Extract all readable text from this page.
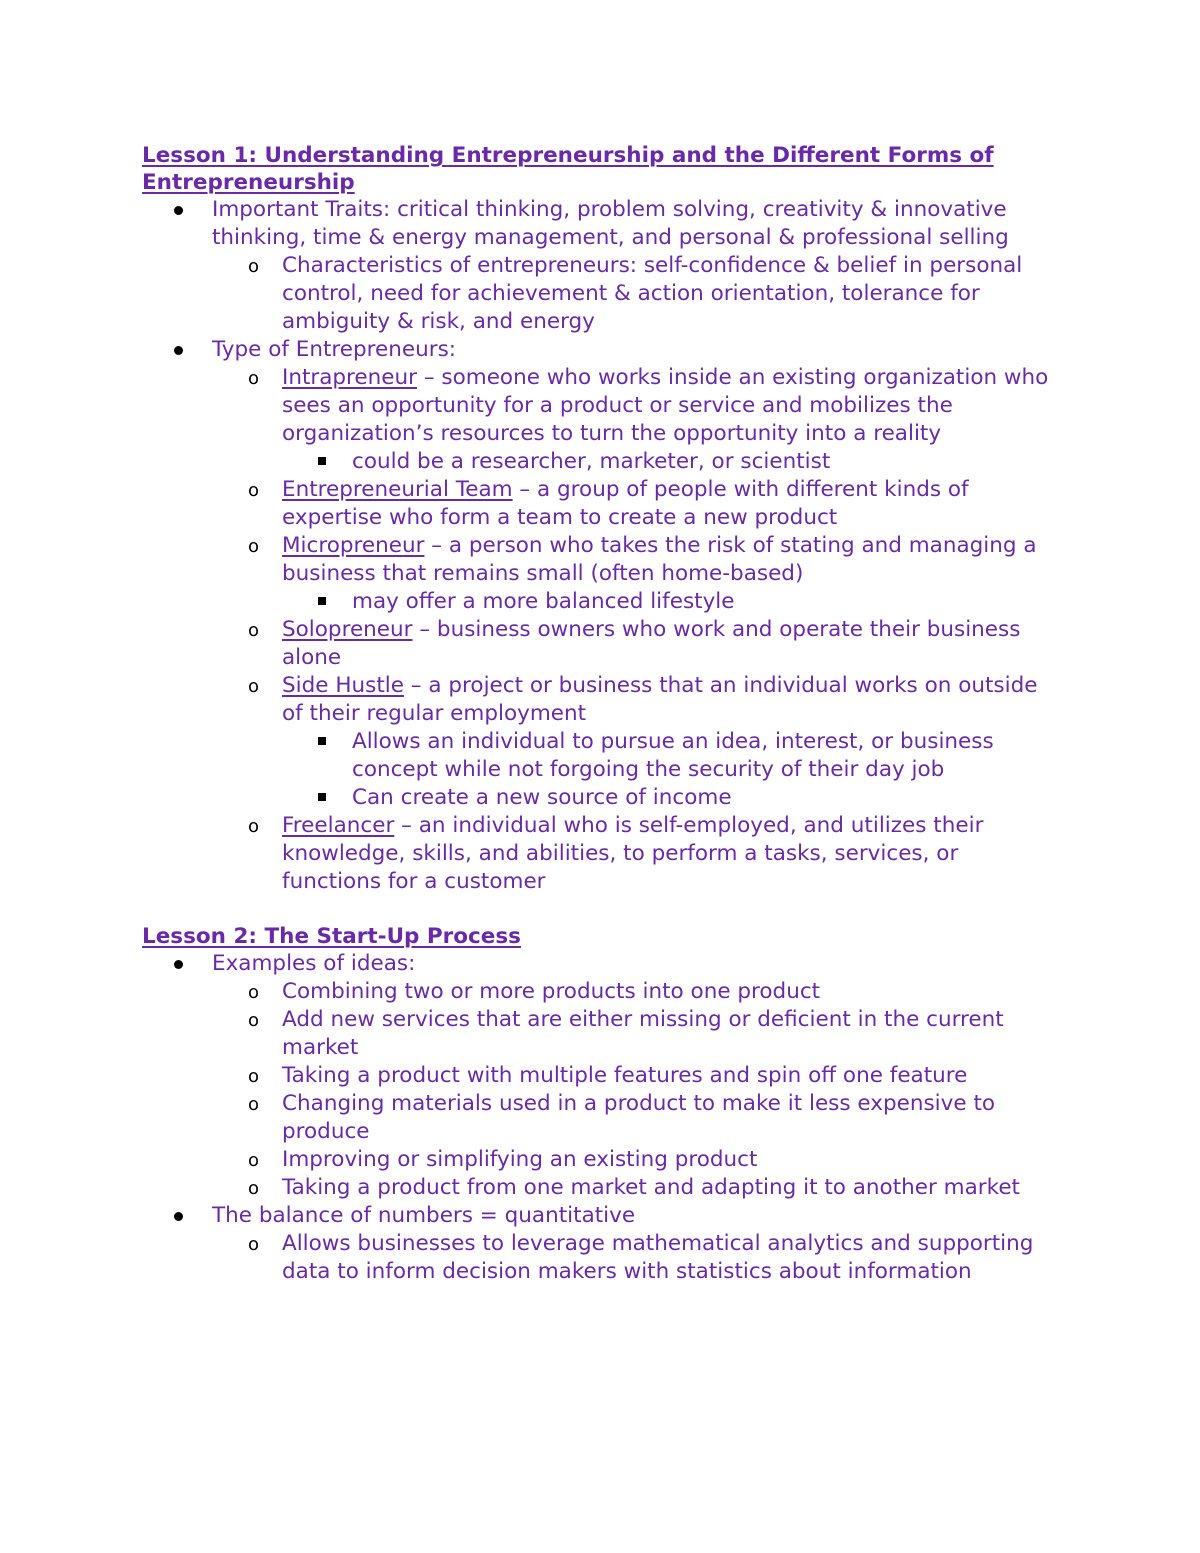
Lesson 1: Understanding Entrepreneurship and the Different Forms of Entrepreneurship
Important Traits: critical thinking, problem solving, creativity & innovative thinking, time & energy management, and personal & professional selling
o Characteristics of entrepreneurs: self-confidence & belief in personal control, need for achievement & action orientation, tolerance for ambiguity & risk, and energy
Type of Entrepreneurs:
o Intrapreneur – someone who works inside an existing organization who sees an opportunity for a product or service and mobilizes the organization’s resources to turn the opportunity into a reality
could be a researcher, marketer, or scientist
o Entrepreneurial Team – a group of people with different kinds of expertise who form a team to create a new product
o Micropreneur – a person who takes the risk of stating and managing a business that remains small (often home-based)
may offer a more balanced lifestyle
o Solopreneur – business owners who work and operate their business alone
o Side Hustle – a project or business that an individual works on outside of their regular employment
Allows an individual to pursue an idea, interest, or business concept while not forgoing the security of their day job
Can create a new source of income
o Freelancer – an individual who is self-employed, and utilizes their knowledge, skills, and abilities, to perform a tasks, services, or functions for a customer
Lesson 2: The Start-Up Process
Examples of ideas:
o Combining two or more products into one product
o Add new services that are either missing or deficient in the current market
o Taking a product with multiple features and spin off one feature
o Changing materials used in a product to make it less expensive to produce
o Improving or simplifying an existing product
o Taking a product from one market and adapting it to another market
The balance of numbers = quantitative
o Allows businesses to leverage mathematical analytics and supporting data to inform decision makers with statistics about information
